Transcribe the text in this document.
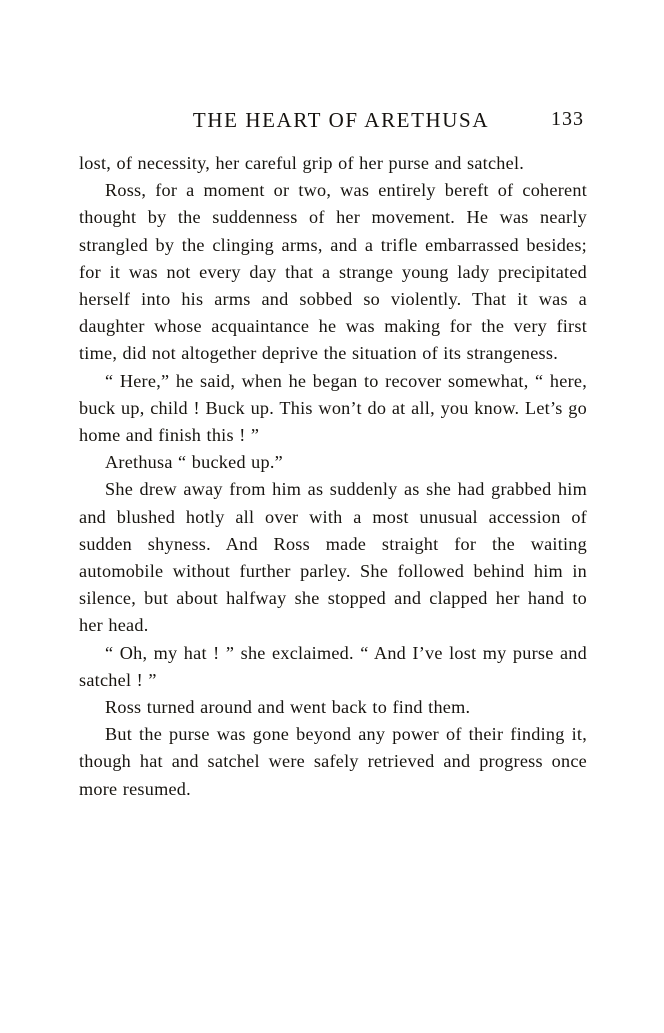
THE HEART OF ARETHUSA	133

lost, of necessity, her careful grip of her purse and satchel.

Ross, for a moment or two, was entirely bereft of coherent thought by the suddenness of her movement. He was nearly strangled by the clinging arms, and a trifle embarrassed besides; for it was not every day that a strange young lady precipitated herself into his arms and sobbed so violently. That it was a daughter whose acquaintance he was making for the very first time, did not altogether deprive the situation of its strangeness.

“ Here,” he said, when he began to recover somewhat, “ here, buck up, child ! Buck up. This won’t do at all, you know. Let’s go home and finish this ! ”

Arethusa “ bucked up.”

She drew away from him as suddenly as she had grabbed him and blushed hotly all over with a most unusual accession of sudden shyness. And Ross made straight for the waiting automobile without further parley. She followed behind him in silence, but about halfway she stopped and clapped her hand to her head.

“ Oh, my hat ! ” she exclaimed. “ And I’ve lost my purse and satchel ! ”

Ross turned around and went back to find them.

But the purse was gone beyond any power of their finding it, though hat and satchel were safely retrieved and progress once more resumed.
